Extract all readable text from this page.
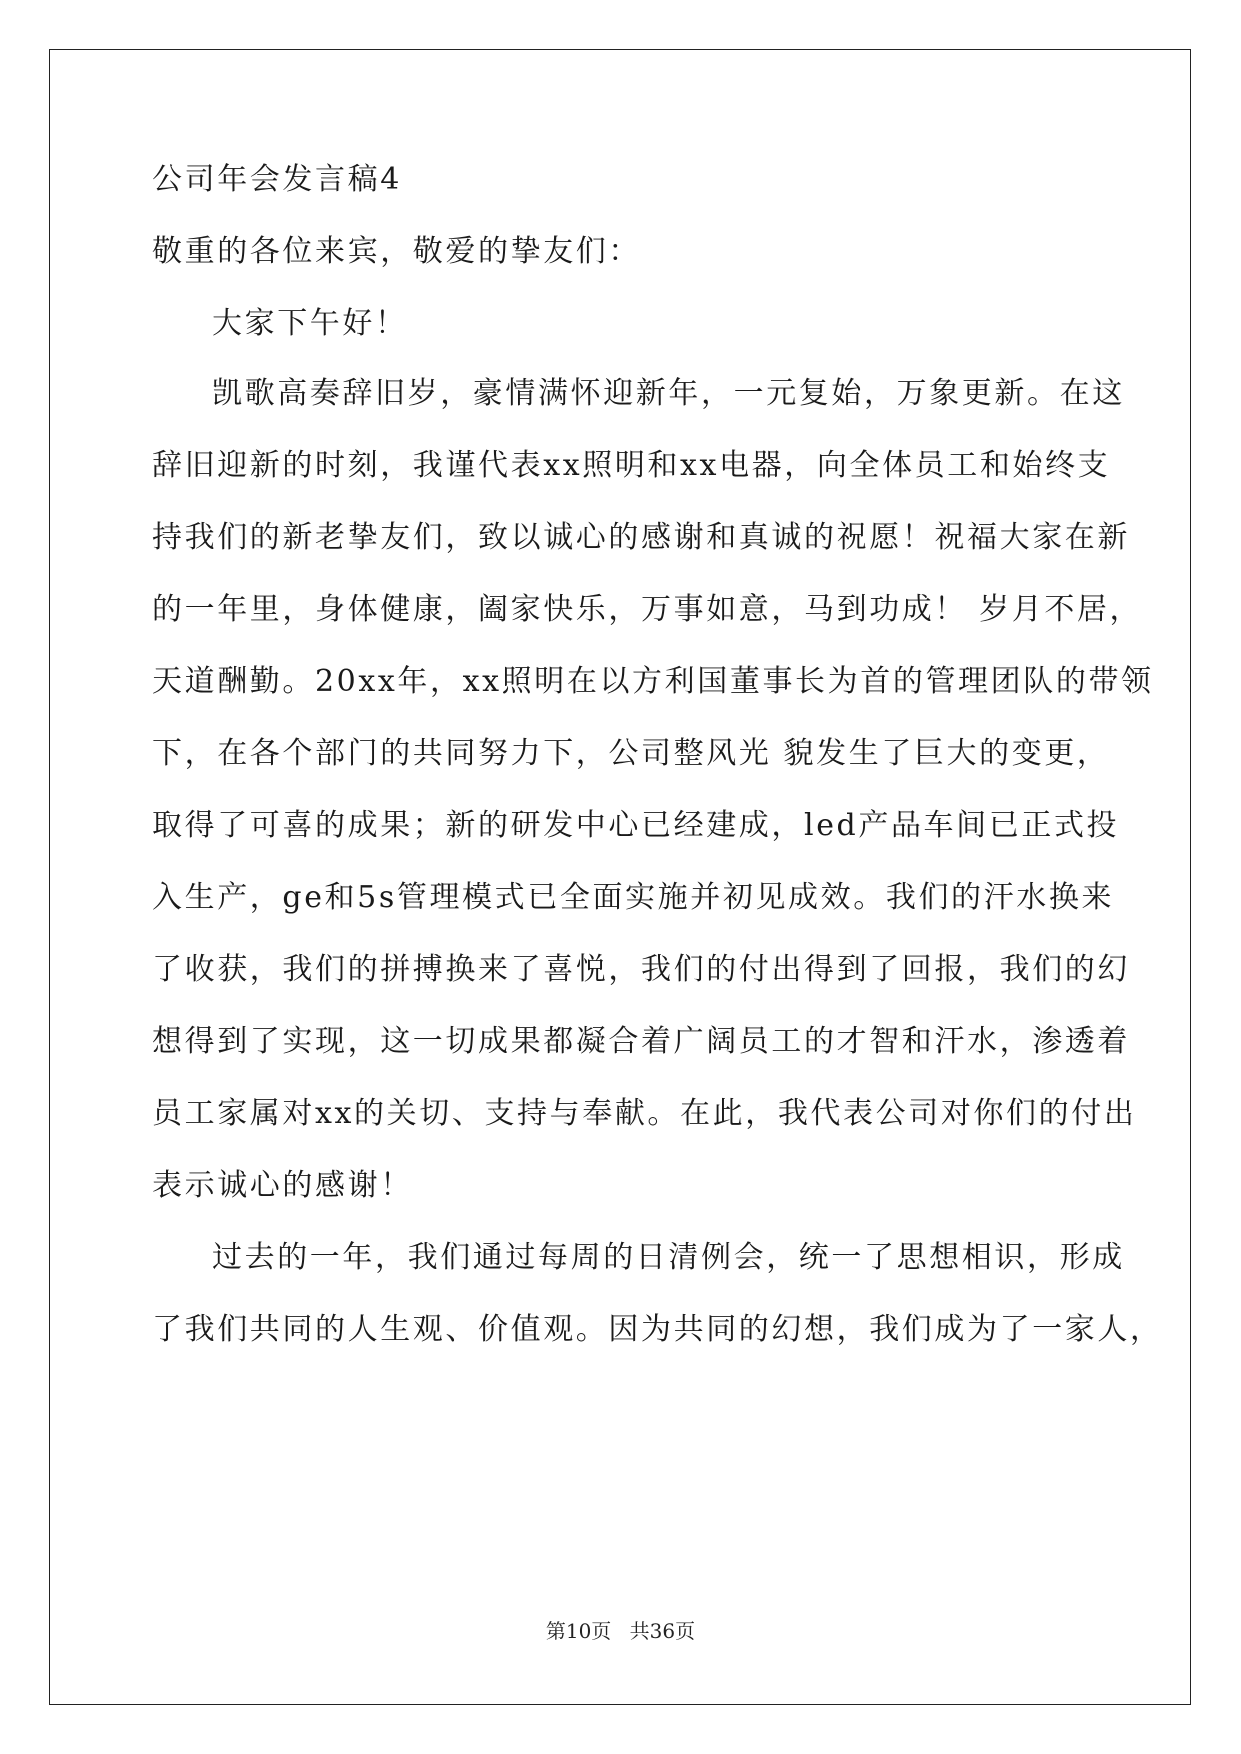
公司年会发言稿4
敬重的各位来宾，敬爱的挚友们：
大家下午好！
凯歌高奏辞旧岁，豪情满怀迎新年，一元复始，万象更新。在这
辞旧迎新的时刻，我谨代表xx照明和xx电器，向全体员工和始终支
持我们的新老挚友们，致以诚心的感谢和真诚的祝愿！祝福大家在新
的一年里，身体健康，阖家快乐，万事如意，马到功成！ 岁月不居，
天道酬勤。20xx年，xx照明在以方利国董事长为首的管理团队的带领
下，在各个部门的共同努力下，公司整风光 貌发生了巨大的变更，
取得了可喜的成果；新的研发中心已经建成，led产品车间已正式投
入生产，ge和5s管理模式已全面实施并初见成效。我们的汗水换来
了收获，我们的拼搏换来了喜悦，我们的付出得到了回报，我们的幻
想得到了实现，这一切成果都凝合着广阔员工的才智和汗水，渗透着
员工家属对xx的关切、支持与奉献。在此，我代表公司对你们的付出
表示诚心的感谢！
过去的一年，我们通过每周的日清例会，统一了思想相识，形成
了我们共同的人生观、价值观。因为共同的幻想，我们成为了一家人，
第10页 共36页
